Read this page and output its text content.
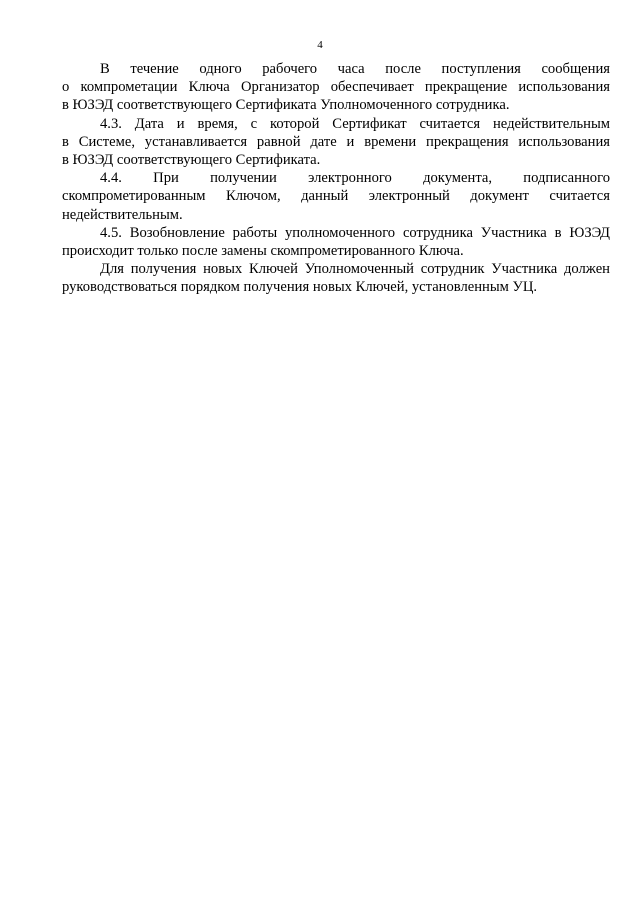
4
В течение одного рабочего часа после поступления сообщения
о компрометации Ключа Организатор обеспечивает прекращение использования
в ЮЗЭД соответствующего Сертификата Уполномоченного сотрудника.
4.3. Дата и время, с которой Сертификат считается недействительным
в Системе, устанавливается равной дате и времени прекращения использования
в ЮЗЭД соответствующего Сертификата.
4.4. При получении электронного документа, подписанного
скомпрометированным Ключом, данный электронный документ считается
недействительным.
4.5. Возобновление работы уполномоченного сотрудника Участника в ЮЗЭД
происходит только после замены скомпрометированного Ключа.
Для получения новых Ключей Уполномоченный сотрудник Участника должен
руководствоваться порядком получения новых Ключей, установленным УЦ.
